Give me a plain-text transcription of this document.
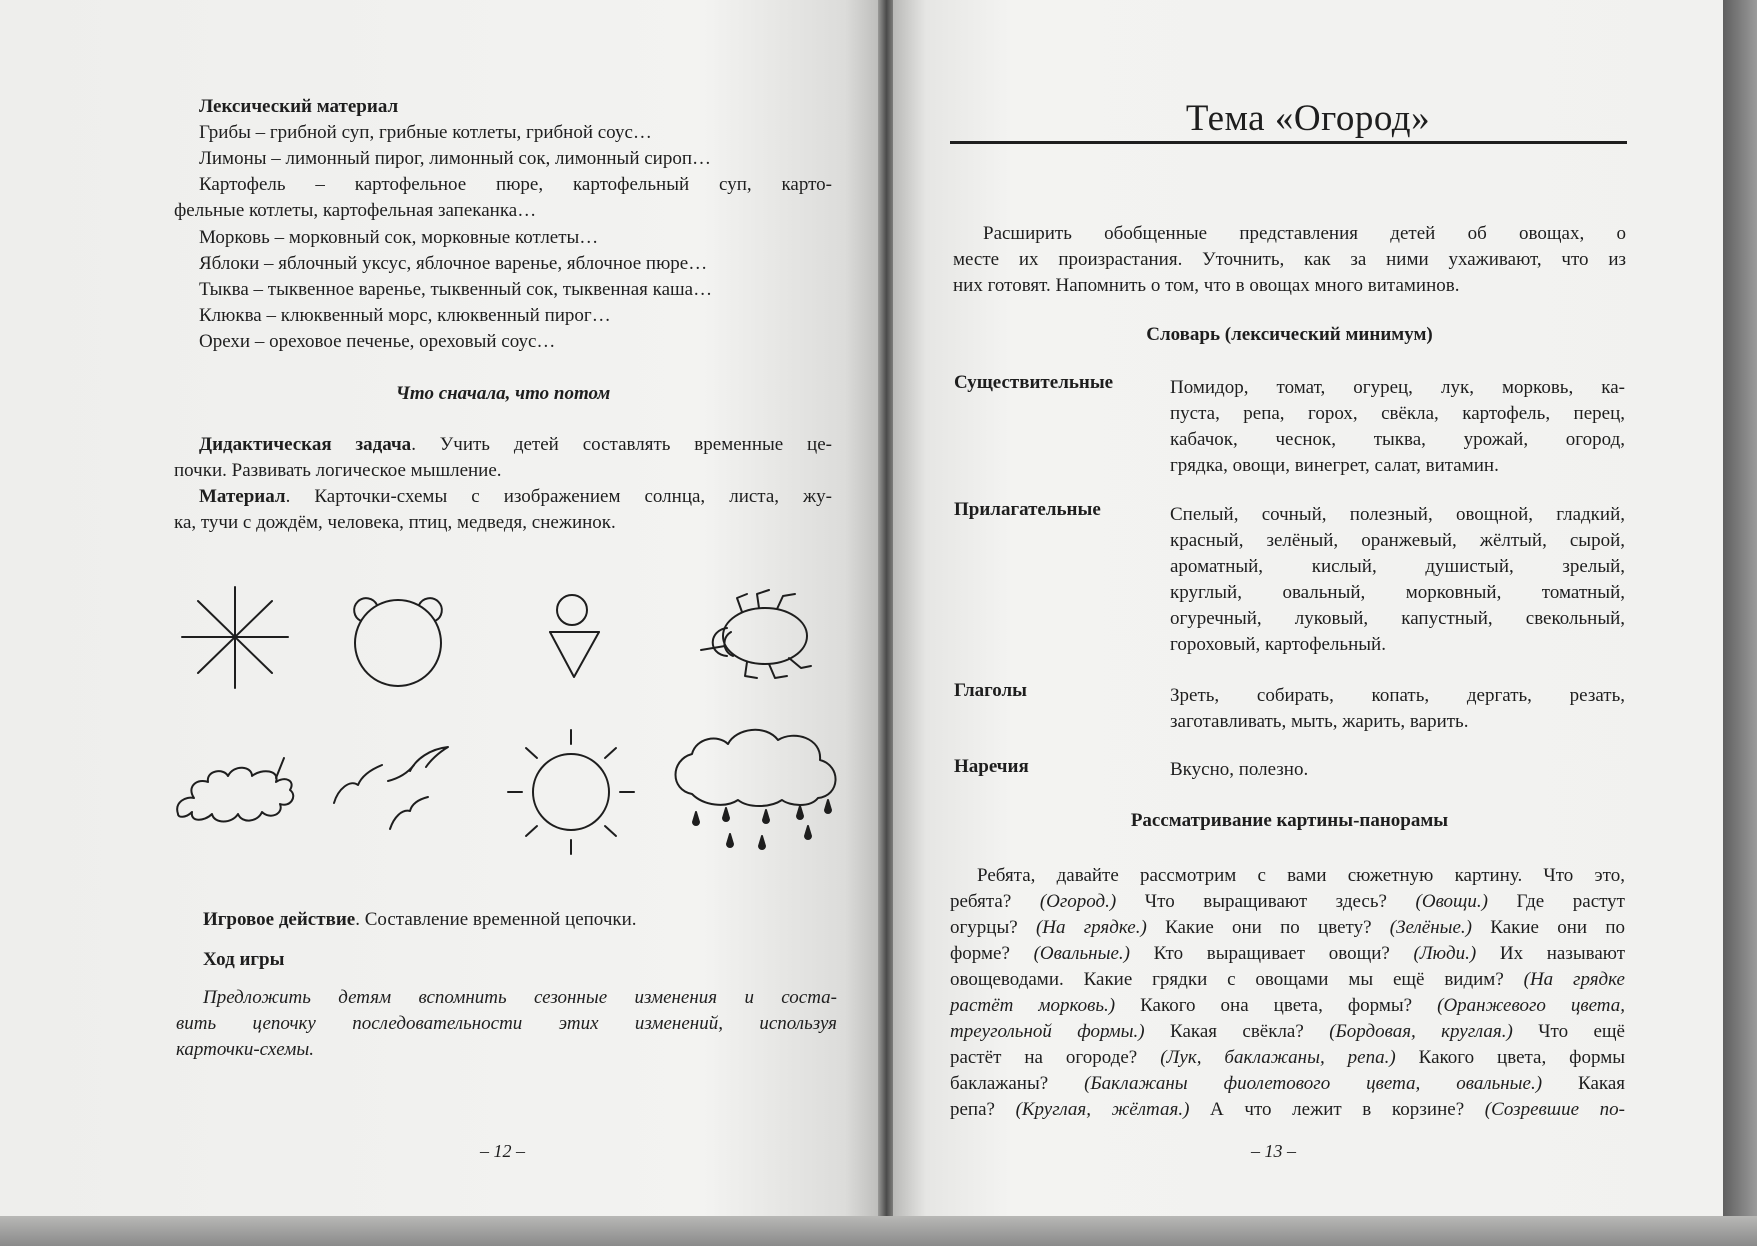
Лексический материал
Грибы – грибной суп, грибные котлеты, грибной соус…
Лимоны – лимонный пирог, лимонный сок, лимонный сироп…
Картофель – картофельное пюре, картофельный суп, карто-
фельные котлеты, картофельная запеканка…
Морковь – морковный сок, морковные котлеты…
Яблоки – яблочный уксус, яблочное варенье, яблочное пюре…
Тыква – тыквенное варенье, тыквенный сок, тыквенная каша…
Клюква – клюквенный морс, клюквенный пирог…
Орехи – ореховое печенье, ореховый соус…
Что сначала, что потом
Дидактическая задача. Учить детей составлять временные це-
почки. Развивать логическое мышление.
Материал. Карточки-схемы с изображением солнца, листа, жу-
ка, тучи с дождём, человека, птиц, медведя, снежинок.
Игровое действие. Составление временной цепочки.
Ход игры
Предложить детям вспомнить сезонные изменения и соста-
вить цепочку последовательности этих изменений, используя
карточки-схемы.
– 12 –
Тема «Огород»
Расширить обобщенные представления детей об овощах, о
месте их произрастания. Уточнить, как за ними ухаживают, что из
них готовят. Напомнить о том, что в овощах много витаминов.
Словарь (лексический минимум)
Существительные	Помидор, томат, огурец, лук, морковь, ка-
пуста, репа, горох, свёкла, картофель, перец,
кабачок, чеснок, тыква, урожай, огород,
грядка, овощи, винегрет, салат, витамин.
Прилагательные	Спелый, сочный, полезный, овощной, гладкий,
красный, зелёный, оранжевый, жёлтый, сырой,
ароматный, кислый, душистый, зрелый,
круглый, овальный, морковный, томатный,
огуречный, луковый, капустный, свекольный,
гороховый, картофельный.
Глаголы	Зреть, собирать, копать, дергать, резать,
заготавливать, мыть, жарить, варить.
Наречия	Вкусно, полезно.
Рассматривание картины-панорамы
Ребята, давайте рассмотрим с вами сюжетную картину. Что это,
ребята? (Огород.) Что выращивают здесь? (Овощи.) Где растут
огурцы? (На грядке.) Какие они по цвету? (Зелёные.) Какие они по
форме? (Овальные.) Кто выращивает овощи? (Люди.) Их называют
овощеводами. Какие грядки с овощами мы ещё видим? (На грядке
растёт морковь.) Какого она цвета, формы? (Оранжевого цвета,
треугольной формы.) Какая свёкла? (Бордовая, круглая.) Что ещё
растёт на огороде? (Лук, баклажаны, репа.) Какого цвета, формы
баклажаны? (Баклажаны фиолетового цвета, овальные.) Какая
репа? (Круглая, жёлтая.) А что лежит в корзине? (Созревшие по-
– 13 –
